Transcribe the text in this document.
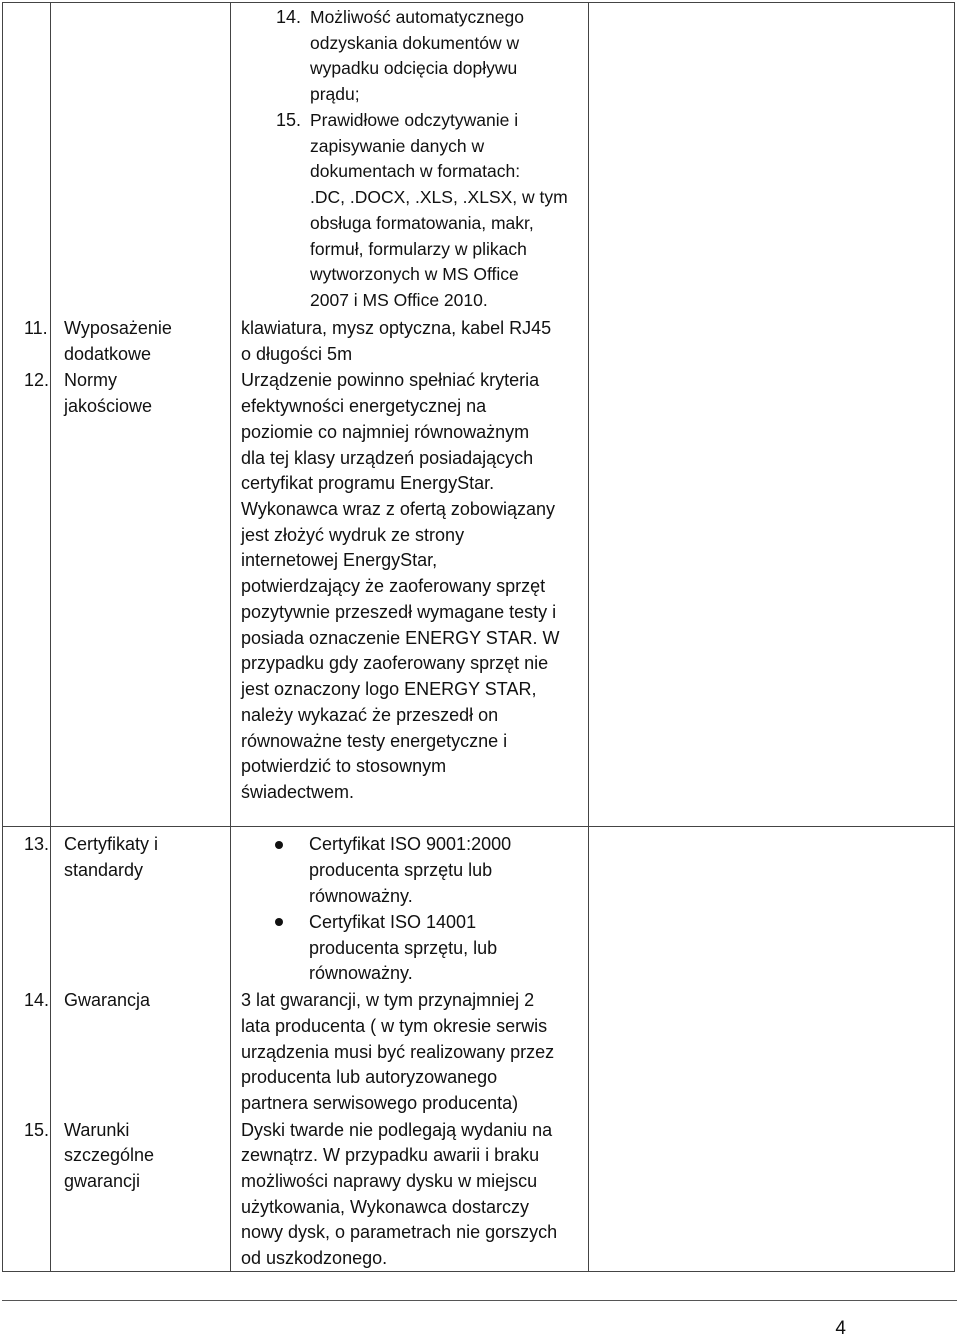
14. Możliwość automatycznego
odzyskania dokumentów w
wypadku odcięcia dopływu
prądu;
15. Prawidłowe odczytywanie i
zapisywanie danych w
dokumentach w formatach:
.DC, .DOCX, .XLS, .XLSX, w tym
obsługa formatowania, makr,
formuł, formularzy w plikach
wytworzonych w MS Office
2007 i MS Office 2010.
11. Wyposażenie
dodatkowe
klawiatura, mysz optyczna, kabel RJ45
o długości 5m
12. Normy
jakościowe
Urządzenie powinno spełniać kryteria
efektywności energetycznej na
poziomie co najmniej równoważnym
dla tej klasy urządzeń posiadających
certyfikat programu EnergyStar.
Wykonawca wraz z ofertą zobowiązany
jest złożyć wydruk ze strony
internetowej EnergyStar,
potwierdzający że zaoferowany sprzęt
pozytywnie przeszedł wymagane testy i
posiada oznaczenie ENERGY STAR. W
przypadku gdy zaoferowany sprzęt nie
jest oznaczony logo ENERGY STAR,
należy wykazać że przeszedł on
równoważne testy energetyczne i
potwierdzić to stosownym
świadectwem.
13. Certyfikaty i
standardy
Certyfikat ISO 9001:2000
producenta sprzętu lub
równoważny.
Certyfikat ISO 14001
producenta sprzętu, lub
równoważny.
14. Gwarancja	3 lat gwarancji, w tym przynajmniej 2
lata producenta ( w tym okresie serwis
urządzenia musi być realizowany przez
producenta lub autoryzowanego
partnera serwisowego producenta)
15. Warunki
szczególne
gwarancji
Dyski twarde nie podlegają wydaniu na
zewnątrz. W przypadku awarii i braku
możliwości naprawy dysku w miejscu
użytkowania, Wykonawca dostarczy
nowy dysk, o parametrach nie gorszych
od uszkodzonego.
4
